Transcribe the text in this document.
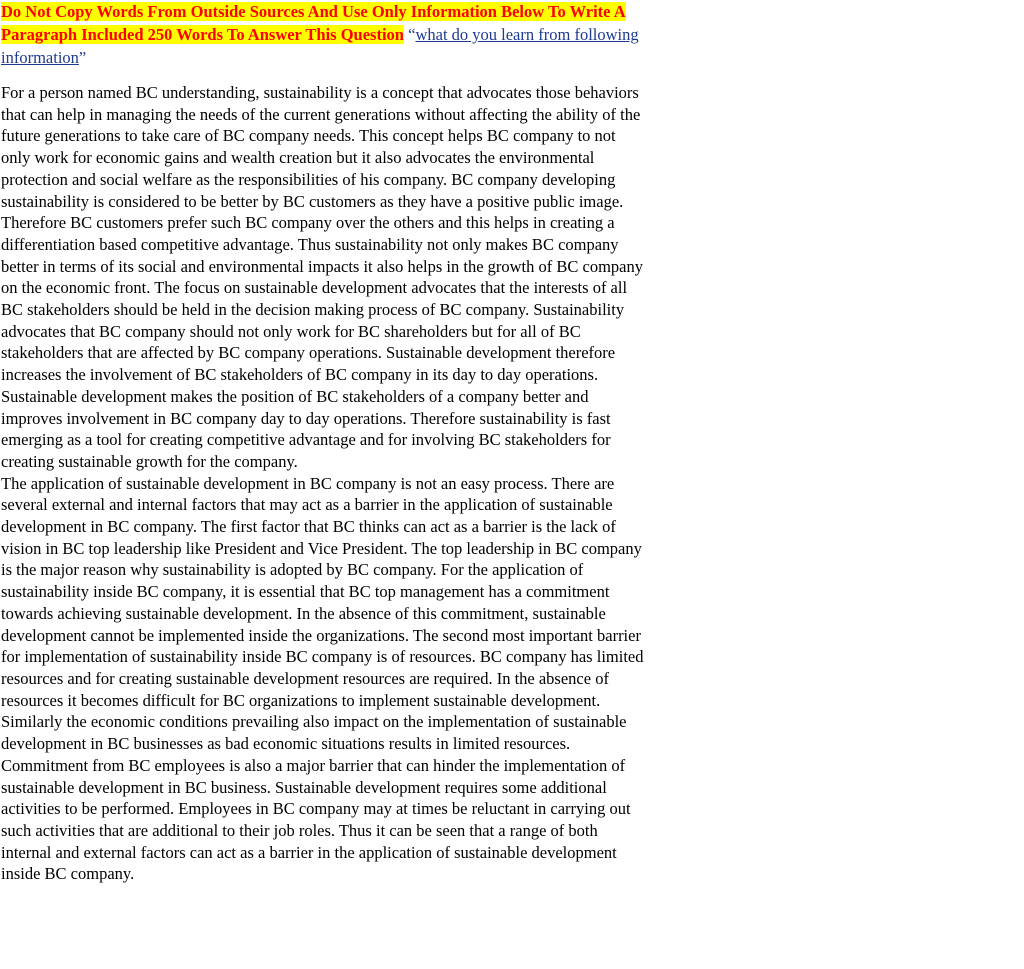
Do Not Copy Words From Outside Sources And Use Only Information Below To Write A
Paragraph Included 250 Words To Answer This Question “what do you learn from following
information”
For a person named BC understanding, sustainability is a concept that advocates those behaviors
that can help in managing the needs of the current generations without affecting the ability of the
future generations to take care of BC company needs. This concept helps BC company to not
only work for economic gains and wealth creation but it also advocates the environmental
protection and social welfare as the responsibilities of his company. BC company developing
sustainability is considered to be better by BC customers as they have a positive public image.
Therefore BC customers prefer such BC company over the others and this helps in creating a
differentiation based competitive advantage. Thus sustainability not only makes BC company
better in terms of its social and environmental impacts it also helps in the growth of BC company
on the economic front. The focus on sustainable development advocates that the interests of all
BC stakeholders should be held in the decision making process of BC company. Sustainability
advocates that BC company should not only work for BC shareholders but for all of BC
stakeholders that are affected by BC company operations. Sustainable development therefore
increases the involvement of BC stakeholders of BC company in its day to day operations.
Sustainable development makes the position of BC stakeholders of a company better and
improves involvement in BC company day to day operations. Therefore sustainability is fast
emerging as a tool for creating competitive advantage and for involving BC stakeholders for
creating sustainable growth for the company.
The application of sustainable development in BC company is not an easy process. There are
several external and internal factors that may act as a barrier in the application of sustainable
development in BC company. The first factor that BC thinks can act as a barrier is the lack of
vision in BC top leadership like President and Vice President. The top leadership in BC company
is the major reason why sustainability is adopted by BC company. For the application of
sustainability inside BC company, it is essential that BC top management has a commitment
towards achieving sustainable development. In the absence of this commitment, sustainable
development cannot be implemented inside the organizations. The second most important barrier
for implementation of sustainability inside BC company is of resources. BC company has limited
resources and for creating sustainable development resources are required. In the absence of
resources it becomes difficult for BC organizations to implement sustainable development.
Similarly the economic conditions prevailing also impact on the implementation of sustainable
development in BC businesses as bad economic situations results in limited resources.
Commitment from BC employees is also a major barrier that can hinder the implementation of
sustainable development in BC business. Sustainable development requires some additional
activities to be performed. Employees in BC company may at times be reluctant in carrying out
such activities that are additional to their job roles. Thus it can be seen that a range of both
internal and external factors can act as a barrier in the application of sustainable development
inside BC company.
